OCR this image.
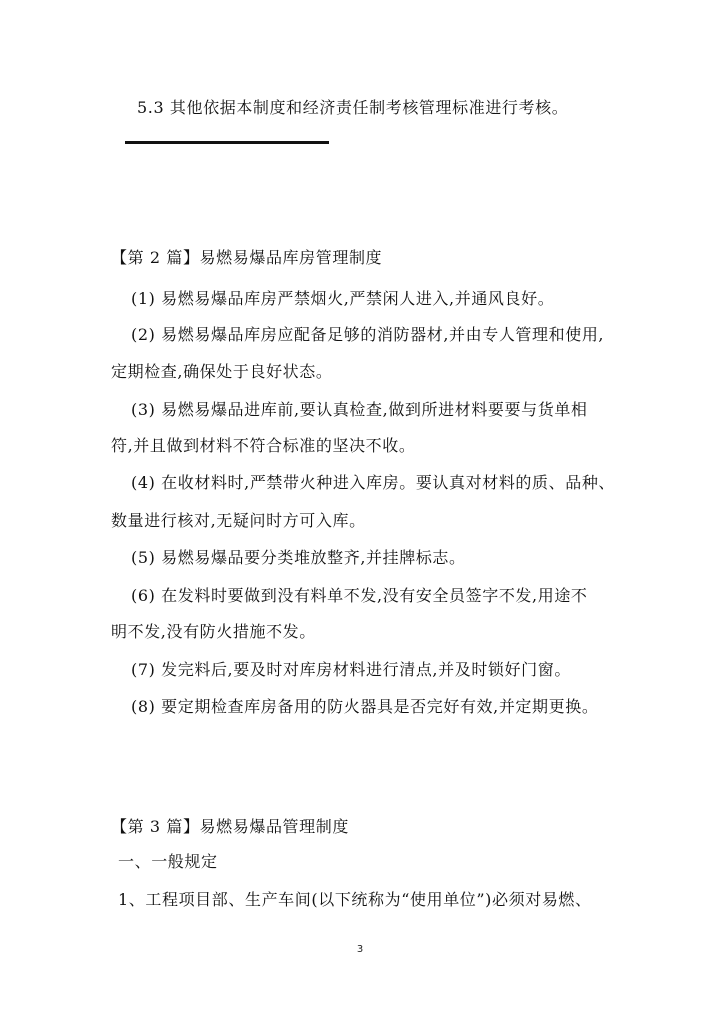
5.3 其他依据本制度和经济责任制考核管理标准进行考核。
【第 2 篇】易燃易爆品库房管理制度
(1) 易燃易爆品库房严禁烟火,严禁闲人进入,并通风良好。
(2) 易燃易爆品库房应配备足够的消防器材,并由专人管理和使用,
定期检查,确保处于良好状态。
(3) 易燃易爆品进库前,要认真检查,做到所进材料要要与货单相
符,并且做到材料不符合标准的坚决不收。
(4) 在收材料时,严禁带火种进入库房。要认真对材料的质、品种、
数量进行核对,无疑问时方可入库。
(5) 易燃易爆品要分类堆放整齐,并挂牌标志。
(6) 在发料时要做到没有料单不发,没有安全员签字不发,用途不
明不发,没有防火措施不发。
(7) 发完料后,要及时对库房材料进行清点,并及时锁好门窗。
(8) 要定期检查库房备用的防火器具是否完好有效,并定期更换。
【第 3 篇】易燃易爆品管理制度
一、一般规定
1、工程项目部、生产车间(以下统称为“使用单位”)必须对易燃、
3
